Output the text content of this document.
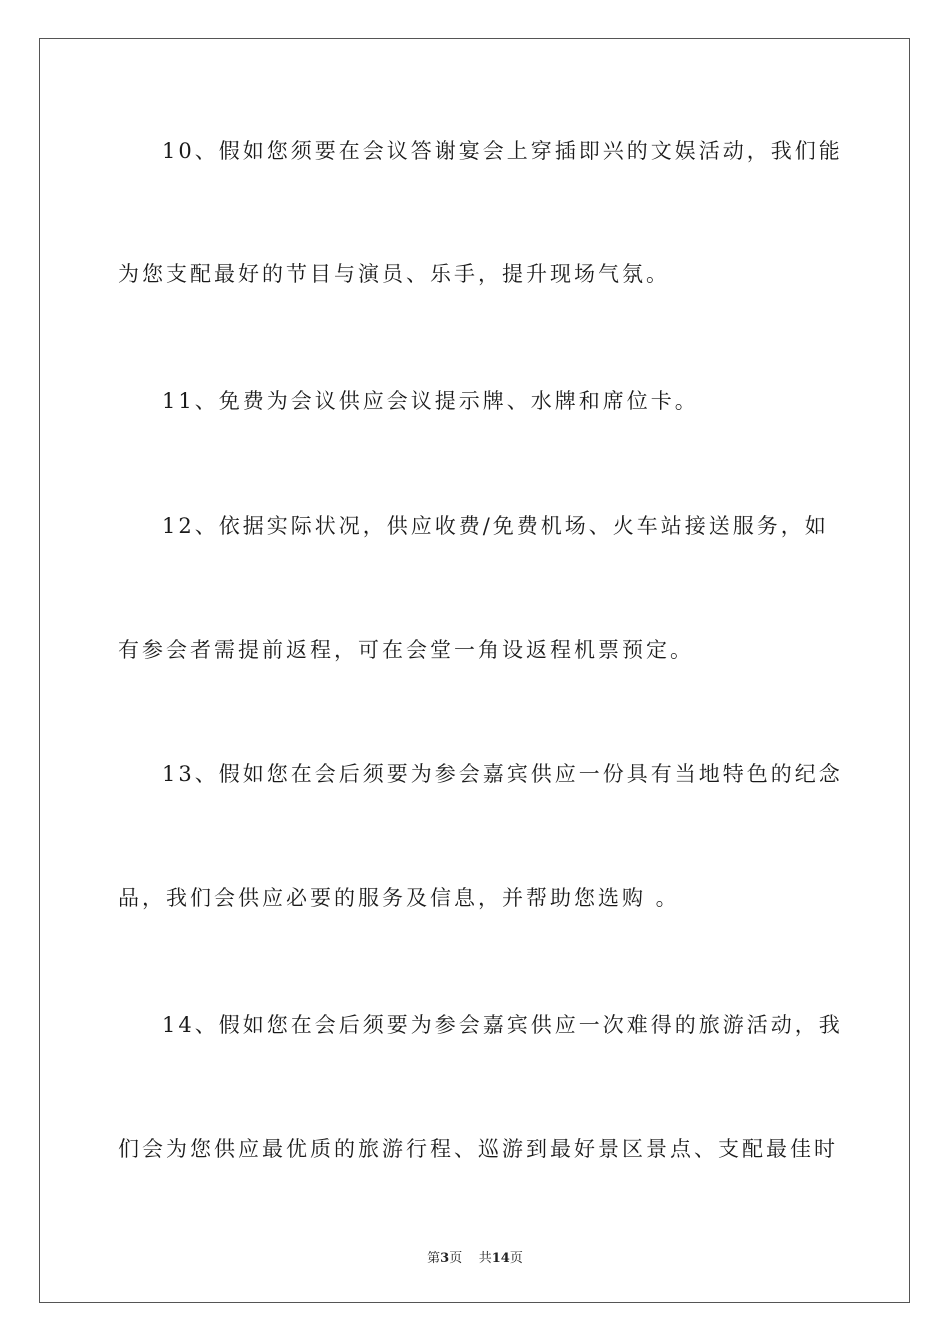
10、假如您须要在会议答谢宴会上穿插即兴的文娱活动，我们能
为您支配最好的节目与演员、乐手，提升现场气氛。
11、免费为会议供应会议提示牌、水牌和席位卡。
12、依据实际状况，供应收费/免费机场、火车站接送服务，如
有参会者需提前返程，可在会堂一角设返程机票预定。
13、假如您在会后须要为参会嘉宾供应一份具有当地特色的纪念
品，我们会供应必要的服务及信息，并帮助您选购 。
14、假如您在会后须要为参会嘉宾供应一次难得的旅游活动，我
们会为您供应最优质的旅游行程、巡游到最好景区景点、支配最佳时
第3页 共14页
